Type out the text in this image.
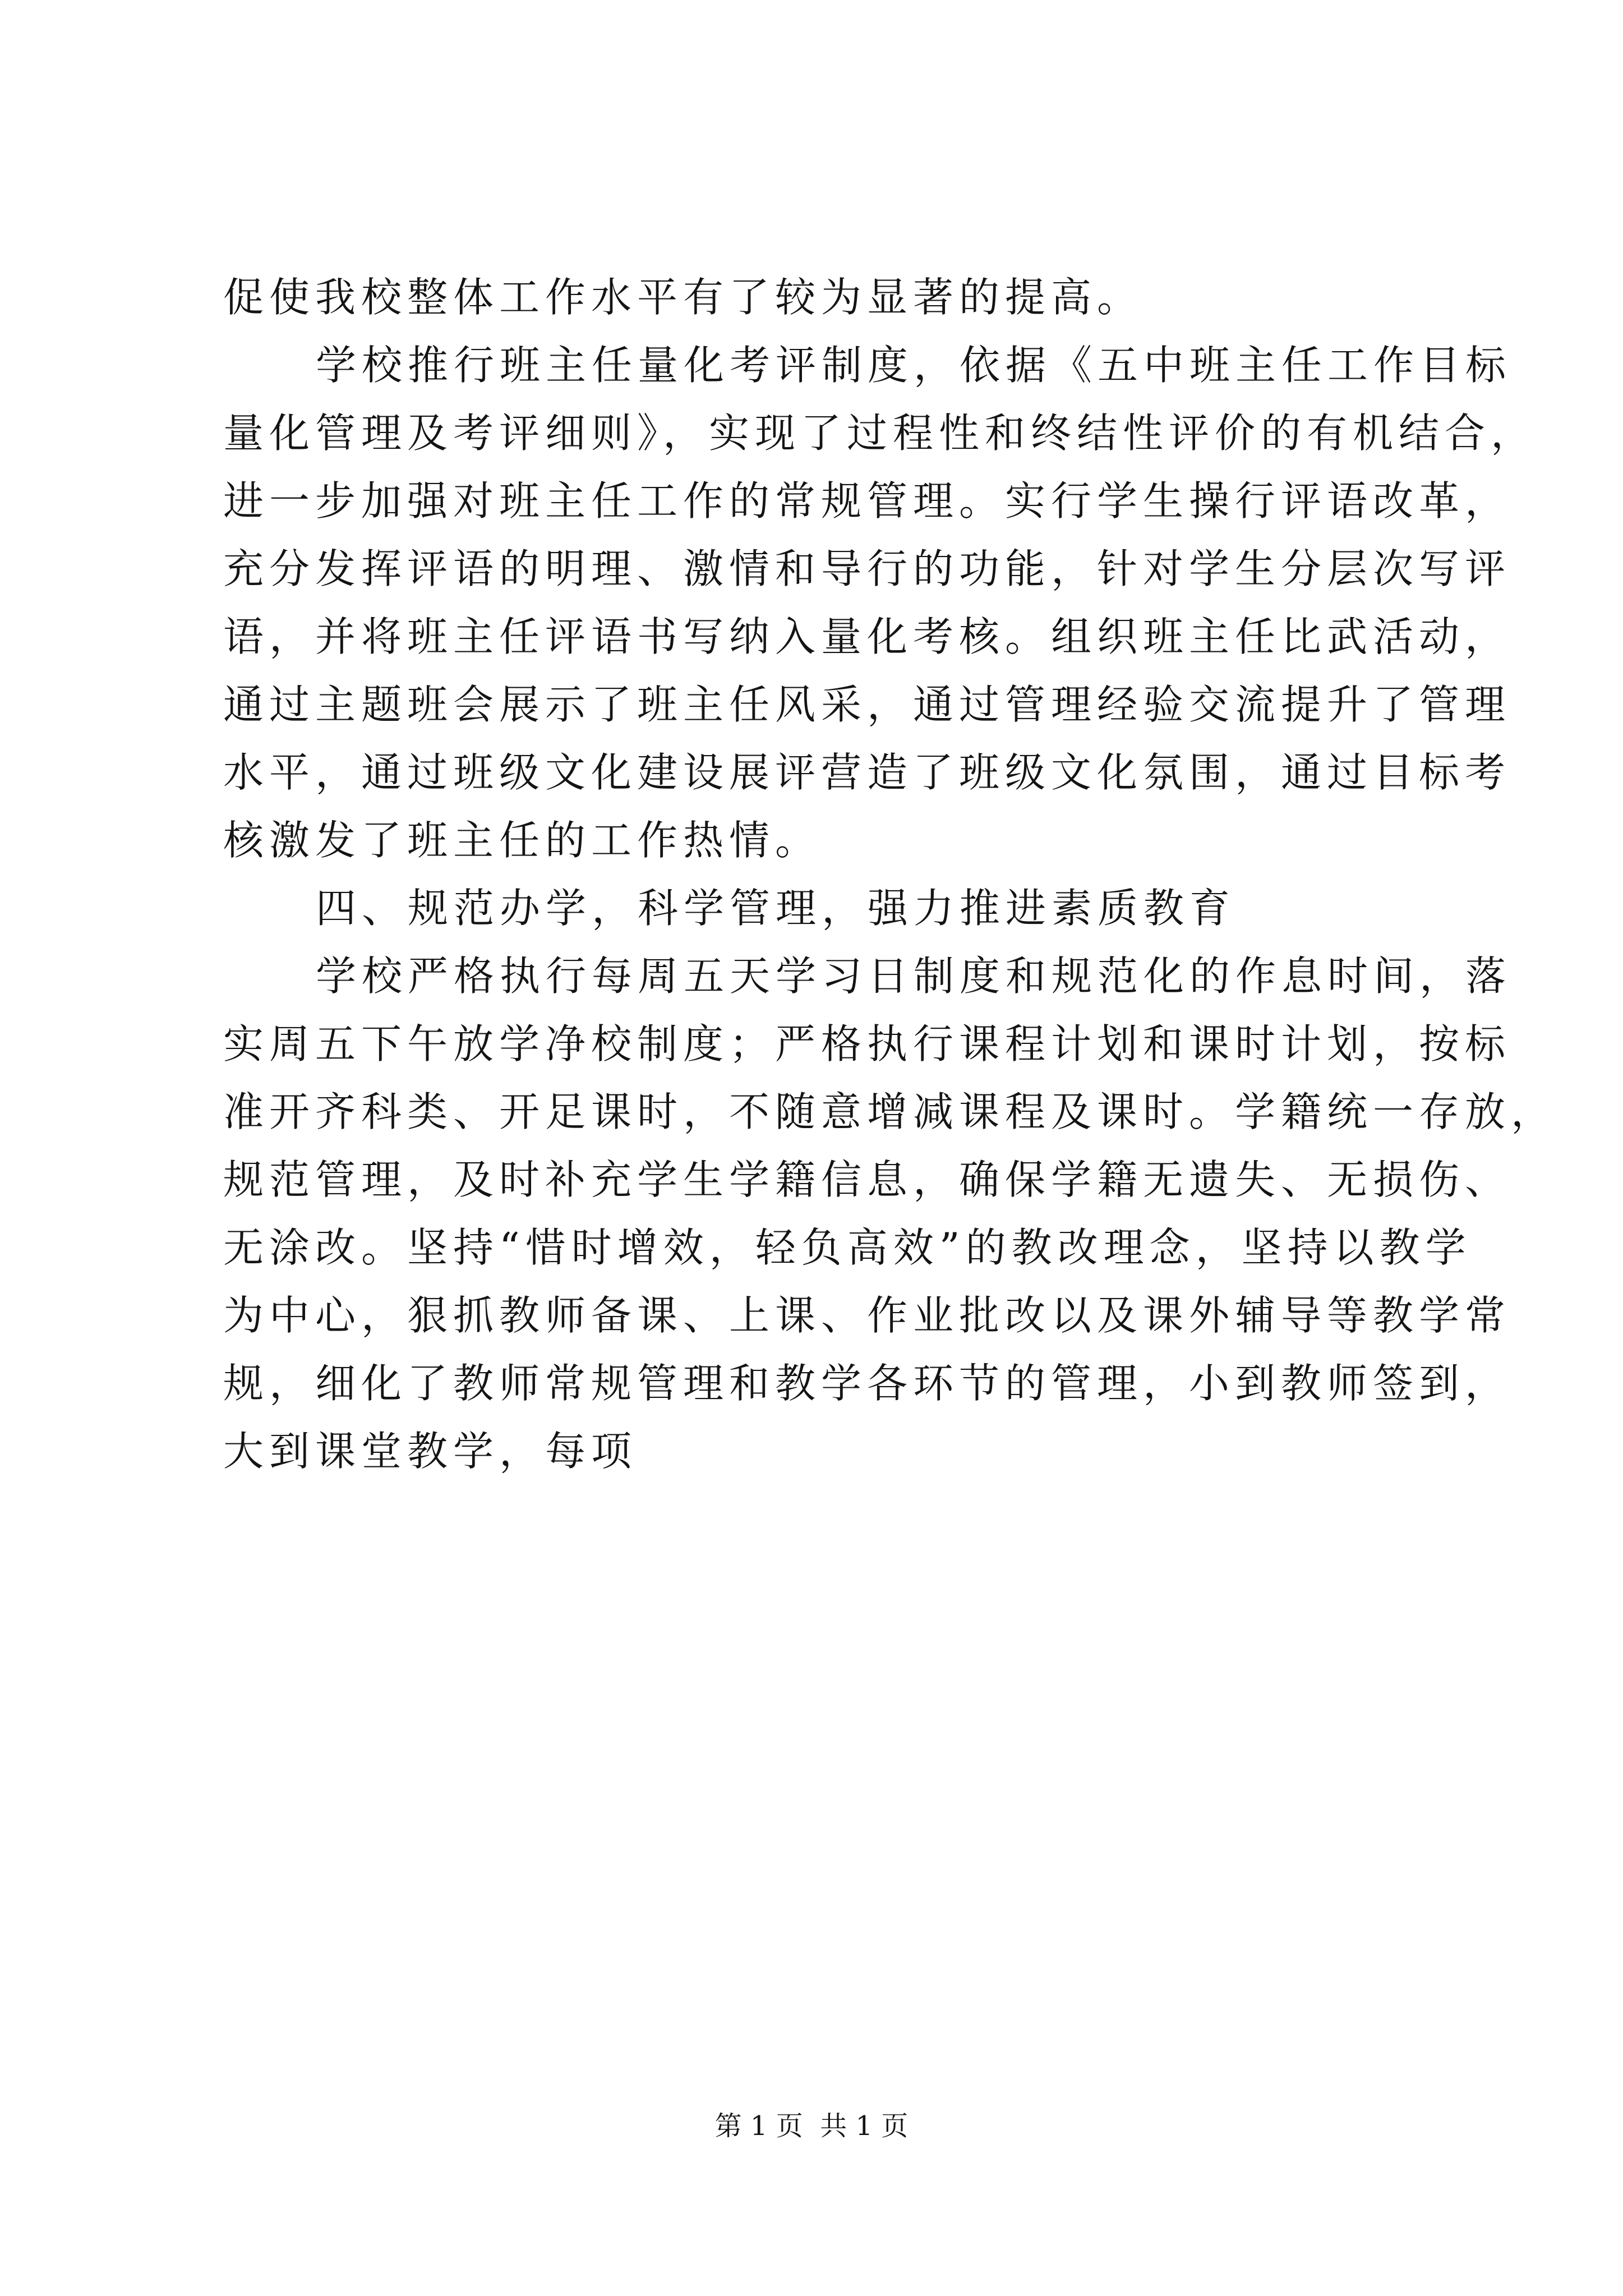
促使我校整体工作水平有了较为显著的提高。
学校推行班主任量化考评制度，依据《五中班主任工作目标
量化管理及考评细则》，实现了过程性和终结性评价的有机结合，
进一步加强对班主任工作的常规管理。实行学生操行评语改革，
充分发挥评语的明理、激情和导行的功能，针对学生分层次写评
语，并将班主任评语书写纳入量化考核。组织班主任比武活动，
通过主题班会展示了班主任风采，通过管理经验交流提升了管理
水平，通过班级文化建设展评营造了班级文化氛围，通过目标考
核激发了班主任的工作热情。
四、规范办学，科学管理，强力推进素质教育
学校严格执行每周五天学习日制度和规范化的作息时间，落
实周五下午放学净校制度；严格执行课程计划和课时计划，按标
准开齐科类、开足课时，不随意增减课程及课时。学籍统一存放，
规范管理，及时补充学生学籍信息，确保学籍无遗失、无损伤、
无涂改。坚持“惜时增效，轻负高效”的教改理念，坚持以教学
为中心，狠抓教师备课、上课、作业批改以及课外辅导等教学常
规，细化了教师常规管理和教学各环节的管理，小到教师签到，
大到课堂教学，每项
第 1 页  共 1 页
